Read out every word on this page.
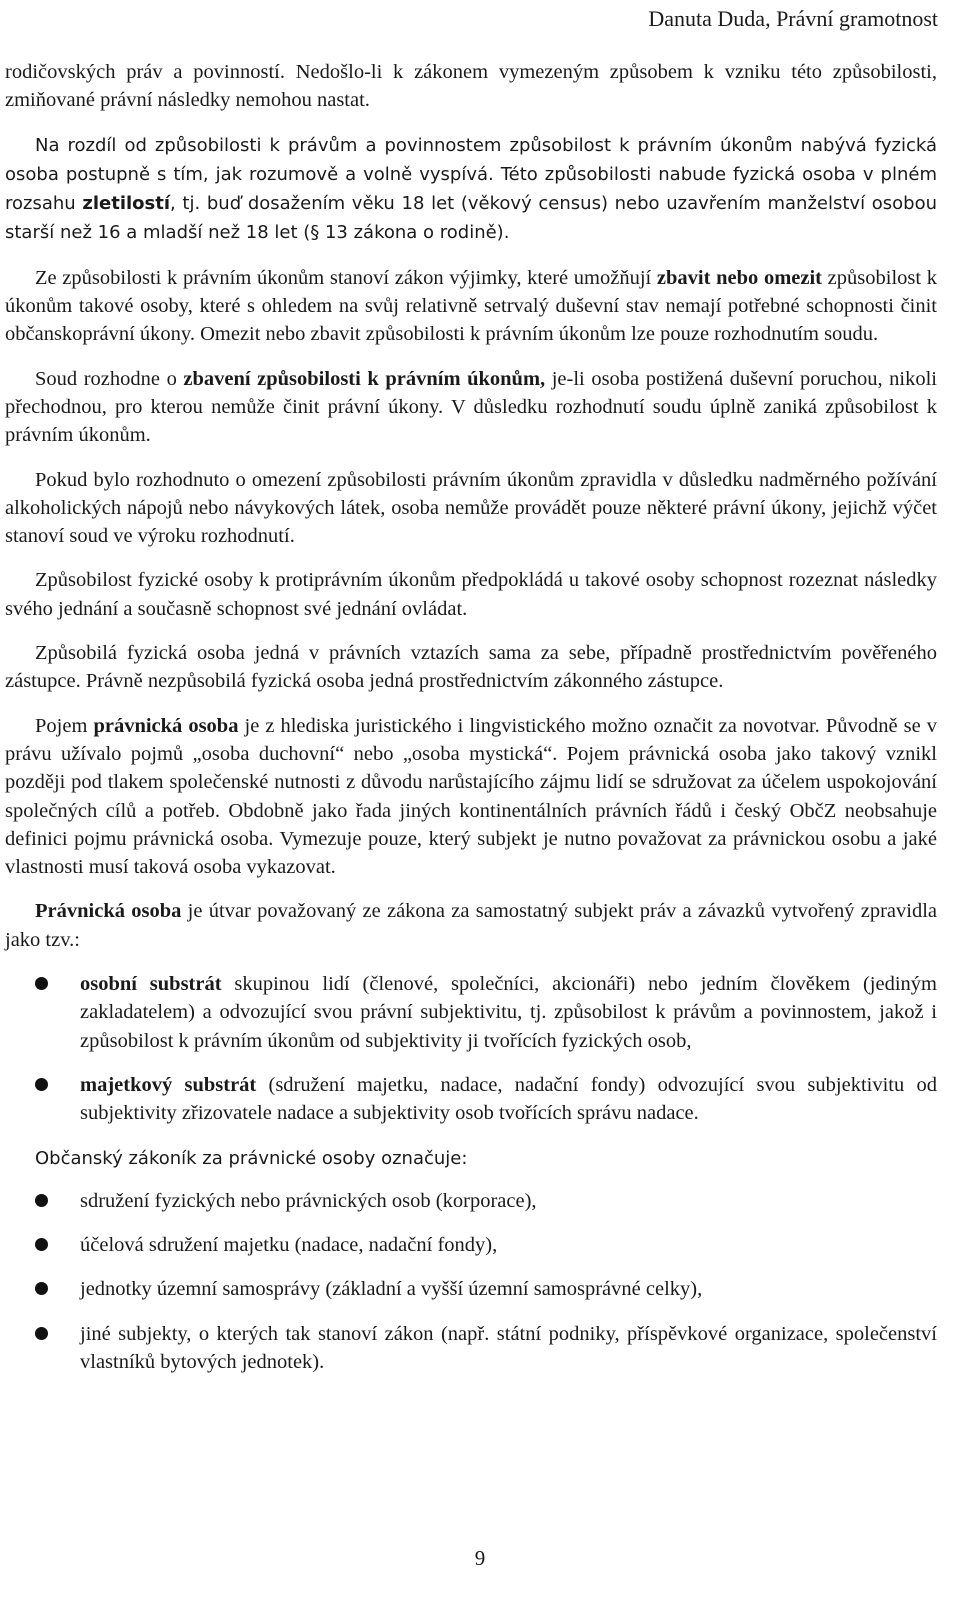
Danuta Duda, Právní gramotnost

rodičovských práv a povinností. Nedošlo-li k zákonem vymezeným způsobem k vzniku této způsobilosti, zmiňované právní následky nemohou nastat.

Na rozdíl od způsobilosti k právům a povinnostem způsobilost k právním úkonům nabývá fyzická osoba postupně s tím, jak rozumově a volně vyspívá. Této způsobilosti nabude fyzická osoba v plném rozsahu zletilostí, tj. buď dosažením věku 18 let (věkový census) nebo uzavřením manželství osobou starší než 16 a mladší než 18 let (§ 13 zákona o rodině).

Ze způsobilosti k právním úkonům stanoví zákon výjimky, které umožňují zbavit nebo omezit způsobilost k úkonům takové osoby, které s ohledem na svůj relativně setrvalý duševní stav nemají potřebné schopnosti činit občanskoprávní úkony. Omezit nebo zbavit způsobilosti k právním úkonům lze pouze rozhodnutím soudu.

Soud rozhodne o zbavení způsobilosti k právním úkonům, je-li osoba postižená duševní poruchou, nikoli přechodnou, pro kterou nemůže činit právní úkony. V důsledku rozhodnutí soudu úplně zaniká způsobilost k právním úkonům.

Pokud bylo rozhodnuto o omezení způsobilosti právním úkonům zpravidla v důsledku nadměrného požívání alkoholických nápojů nebo návykových látek, osoba nemůže provádět pouze některé právní úkony, jejichž výčet stanoví soud ve výroku rozhodnutí.

Způsobilost fyzické osoby k protiprávním úkonům předpokládá u takové osoby schopnost rozeznat následky svého jednání a současně schopnost své jednání ovládat.

Způsobilá fyzická osoba jedná v právních vztazích sama za sebe, případně prostřednictvím pověřeného zástupce. Právně nezpůsobilá fyzická osoba jedná prostřednictvím zákonného zástupce.

Pojem právnická osoba je z hlediska juristického i lingvistického možno označit za novotvar. Původně se v právu užívalo pojmů „osoba duchovní“ nebo „osoba mystická“. Pojem právnická osoba jako takový vznikl později pod tlakem společenské nutnosti z důvodu narůstajícího zájmu lidí se sdružovat za účelem uspokojování společných cílů a potřeb. Obdobně jako řada jiných kontinentálních právních řádů i český ObčZ neobsahuje definici pojmu právnická osoba. Vymezuje pouze, který subjekt je nutno považovat za právnickou osobu a jaké vlastnosti musí taková osoba vykazovat.

Právnická osoba je útvar považovaný ze zákona za samostatný subjekt práv a závazků vytvořený zpravidla jako tzv.:

osobní substrát skupinou lidí (členové, společníci, akcionáři) nebo jedním člověkem (jediným zakladatelem) a odvozující svou právní subjektivitu, tj. způsobilost k právům a povinnostem, jakož i způsobilost k právním úkonům od subjektivity ji tvořících fyzických osob,
majetkový substrát (sdružení majetku, nadace, nadační fondy) odvozující svou subjektivitu od subjektivity zřizovatele nadace a subjektivity osob tvořících správu nadace.

Občanský zákoník za právnické osoby označuje:

sdružení fyzických nebo právnických osob (korporace),
účelová sdružení majetku (nadace, nadační fondy),
jednotky územní samosprávy (základní a vyšší územní samosprávné celky),
jiné subjekty, o kterých tak stanoví zákon (např. státní podniky, příspěvkové organizace, společenství vlastníků bytových jednotek).
9
